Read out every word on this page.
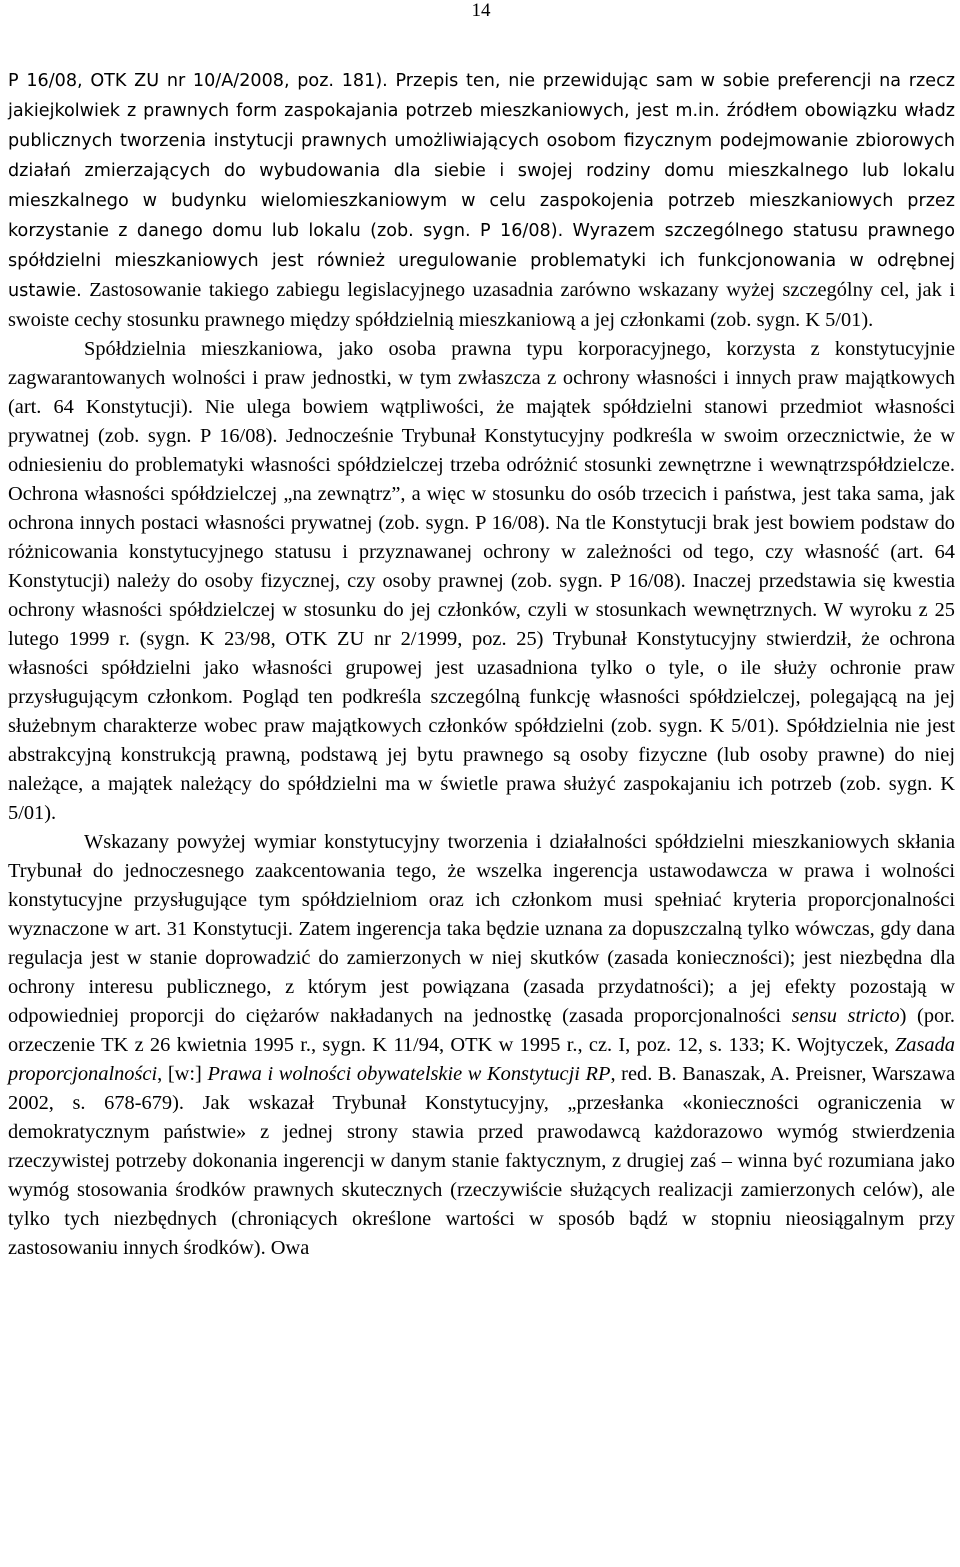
14

P 16/08, OTK ZU nr 10/A/2008, poz. 181). Przepis ten, nie przewidując sam w sobie preferencji na rzecz jakiejkolwiek z prawnych form zaspokajania potrzeb mieszkaniowych, jest m.in. źródłem obowiązku władz publicznych tworzenia instytucji prawnych umożliwiających osobom fizycznym podejmowanie zbiorowych działań zmierzających do wybudowania dla siebie i swojej rodziny domu mieszkalnego lub lokalu mieszkalnego w budynku wielomieszkaniowym w celu zaspokojenia potrzeb mieszkaniowych przez korzystanie z danego domu lub lokalu (zob. sygn. P 16/08). Wyrazem szczególnego statusu prawnego spółdzielni mieszkaniowych jest również uregulowanie problematyki ich funkcjonowania w odrębnej ustawie. Zastosowanie takiego zabiegu legislacyjnego uzasadnia zarówno wskazany wyżej szczególny cel, jak i swoiste cechy stosunku prawnego między spółdzielnią mieszkaniową a jej członkami (zob. sygn. K 5/01).

Spółdzielnia mieszkaniowa, jako osoba prawna typu korporacyjnego, korzysta z konstytucyjnie zagwarantowanych wolności i praw jednostki, w tym zwłaszcza z ochrony własności i innych praw majątkowych (art. 64 Konstytucji). Nie ulega bowiem wątpliwości, że majątek spółdzielni stanowi przedmiot własności prywatnej (zob. sygn. P 16/08). Jednocześnie Trybunał Konstytucyjny podkreśla w swoim orzecznictwie, że w odniesieniu do problematyki własności spółdzielczej trzeba odróżnić stosunki zewnętrzne i wewnątrzspółdzielcze. Ochrona własności spółdzielczej „na zewnątrz”, a więc w stosunku do osób trzecich i państwa, jest taka sama, jak ochrona innych postaci własności prywatnej (zob. sygn. P 16/08). Na tle Konstytucji brak jest bowiem podstaw do różnicowania konstytucyjnego statusu i przyznawanej ochrony w zależności od tego, czy własność (art. 64 Konstytucji) należy do osoby fizycznej, czy osoby prawnej (zob. sygn. P 16/08). Inaczej przedstawia się kwestia ochrony własności spółdzielczej w stosunku do jej członków, czyli w stosunkach wewnętrznych. W wyroku z 25 lutego 1999 r. (sygn. K 23/98, OTK ZU nr 2/1999, poz. 25) Trybunał Konstytucyjny stwierdził, że ochrona własności spółdzielni jako własności grupowej jest uzasadniona tylko o tyle, o ile służy ochronie praw przysługującym członkom. Pogląd ten podkreśla szczególną funkcję własności spółdzielczej, polegającą na jej służebnym charakterze wobec praw majątkowych członków spółdzielni (zob. sygn. K 5/01). Spółdzielnia nie jest abstrakcyjną konstrukcją prawną, podstawą jej bytu prawnego są osoby fizyczne (lub osoby prawne) do niej należące, a majątek należący do spółdzielni ma w świetle prawa służyć zaspokajaniu ich potrzeb (zob. sygn. K 5/01).

Wskazany powyżej wymiar konstytucyjny tworzenia i działalności spółdzielni mieszkaniowych skłania Trybunał do jednoczesnego zaakcentowania tego, że wszelka ingerencja ustawodawcza w prawa i wolności konstytucyjne przysługujące tym spółdzielniom oraz ich członkom musi spełniać kryteria proporcjonalności wyznaczone w art. 31 Konstytucji. Zatem ingerencja taka będzie uznana za dopuszczalną tylko wówczas, gdy dana regulacja jest w stanie doprowadzić do zamierzonych w niej skutków (zasada konieczności); jest niezbędna dla ochrony interesu publicznego, z którym jest powiązana (zasada przydatności); a jej efekty pozostają w odpowiedniej proporcji do ciężarów nakładanych na jednostkę (zasada proporcjonalności sensu stricto) (por. orzeczenie TK z 26 kwietnia 1995 r., sygn. K 11/94, OTK w 1995 r., cz. I, poz. 12, s. 133; K. Wojtyczek, Zasada proporcjonalności, [w:] Prawa i wolności obywatelskie w Konstytucji RP, red. B. Banaszak, A. Preisner, Warszawa 2002, s. 678-679). Jak wskazał Trybunał Konstytucyjny, „przesłanka «konieczności ograniczenia w demokratycznym państwie» z jednej strony stawia przed prawodawcą każdorazowo wymóg stwierdzenia rzeczywistej potrzeby dokonania ingerencji w danym stanie faktycznym, z drugiej zaś – winna być rozumiana jako wymóg stosowania środków prawnych skutecznych (rzeczywiście służących realizacji zamierzonych celów), ale tylko tych niezbędnych (chroniących określone wartości w sposób bądź w stopniu nieosiągalnym przy zastosowaniu innych środków). Owa
